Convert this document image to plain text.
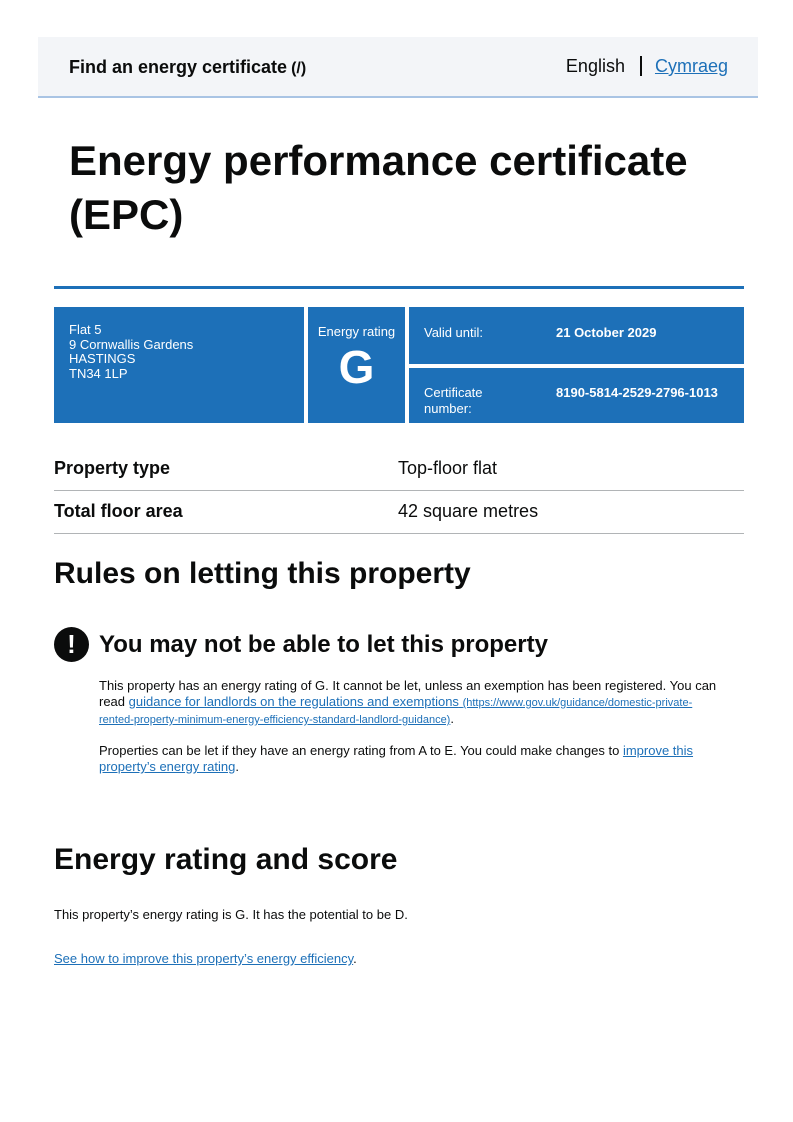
Find an energy certificate (/)	English Cymraeg
Energy performance certificate (EPC)
Flat 5
9 Cornwallis Gardens
HASTINGS
TN34 1LP
Energy rating
G
Valid until:	21 October 2029
Certificate number:
8190-5814-2529-2796-1013
Property type	Top-floor flat
Total floor area	42 square metres
Rules on letting this property
! You may not be able to let this property
This property has an energy rating of G. It cannot be let, unless an exemption has been registered. You can read guidance for landlords on the regulations and exemptions (https://www.gov.uk/guidance/domestic-private-rented-property-minimum-energy-efficiency-standard-landlord-guidance).
Properties can be let if they have an energy rating from A to E. You could make changes to improve this property’s energy rating.
Energy rating and score
This property’s energy rating is G. It has the potential to be D.
See how to improve this property’s energy efficiency.
